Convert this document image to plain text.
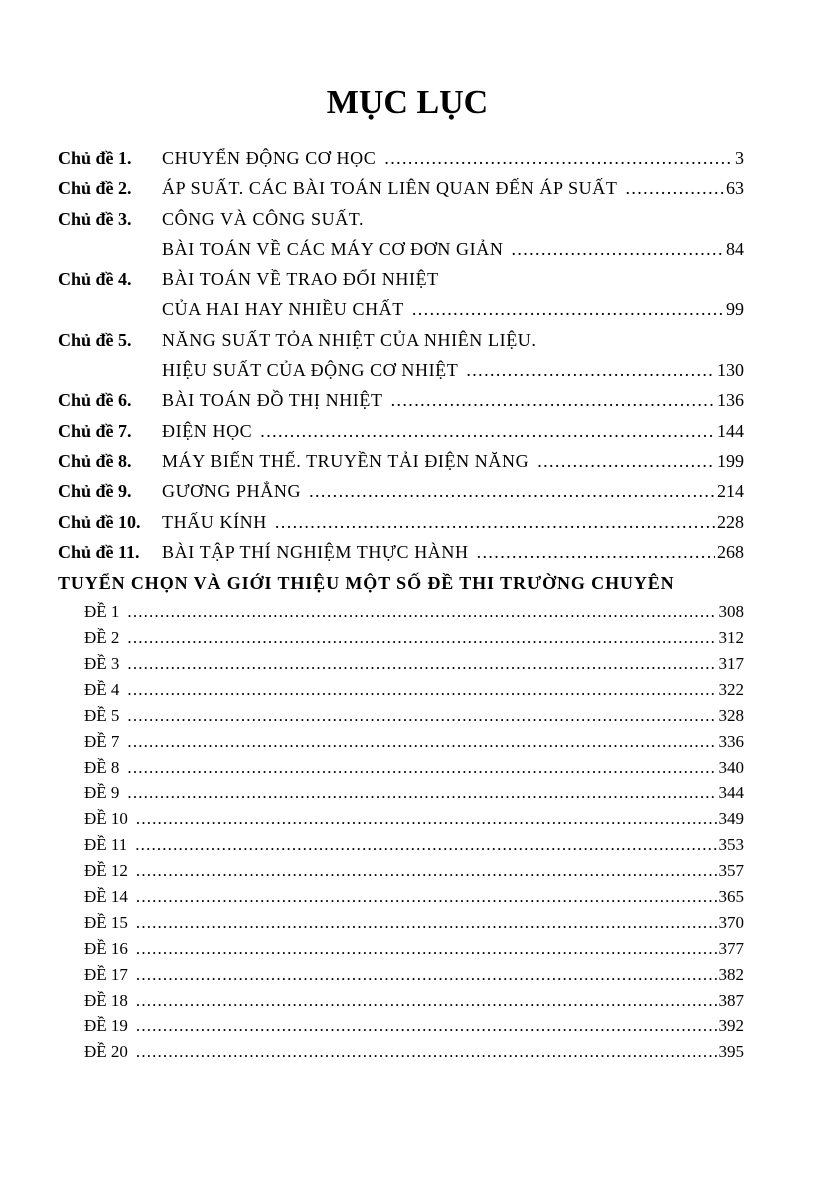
MỤC LỤC
Chủ đề 1.	CHUYỂN ĐỘNG CƠ HỌC . . .	3
Chủ đề 2.	ÁP SUẤT. CÁC BÀI TOÁN LIÊN QUAN ĐẾN ÁP SUẤT . . .	63
Chủ đề 3.	CÔNG VÀ CÔNG SUẤT.
BÀI TOÁN VỀ CÁC MÁY CƠ ĐƠN GIẢN . . .	84
Chủ đề 4.	BÀI TOÁN VỀ TRAO ĐỔI NHIỆT
CỦA HAI HAY NHIỀU CHẤT . . .	99
Chủ đề 5.	NĂNG SUẤT TỎA NHIỆT CỦA NHIÊN LIỆU.
HIỆU SUẤT CỦA ĐỘNG CƠ NHIỆT . . .	130
Chủ đề 6.	BÀI TOÁN ĐỒ THỊ NHIỆT . . .	136
Chủ đề 7.	ĐIỆN HỌC . . .	144
Chủ đề 8.	MÁY BIẾN THẾ. TRUYỀN TẢI ĐIỆN NĂNG . . .	199
Chủ đề 9.	GƯƠNG PHẲNG . . .	214
Chủ đề 10.	THẤU KÍNH . . .	228
Chủ đề 11.	BÀI TẬP THÍ NGHIỆM THỰC HÀNH . . .	268
TUYỂN CHỌN VÀ GIỚI THIỆU MỘT SỐ ĐỀ THI TRƯỜNG CHUYÊN
ĐỀ 1 . . .	308
ĐỀ 2 . . .	312
ĐỀ 3 . . .	317
ĐỀ 4 . . .	322
ĐỀ 5 . . .	328
ĐỀ 7 . . .	336
ĐỀ 8 . . .	340
ĐỀ 9 . . .	344
ĐỀ 10 . . .	349
ĐỀ 11 . . .	353
ĐỀ 12 . . .	357
ĐỀ 14 . . .	365
ĐỀ 15 . . .	370
ĐỀ 16 . . .	377
ĐỀ 17 . . .	382
ĐỀ 18 . . .	387
ĐỀ 19 . . .	392
ĐỀ 20 . . .	395
